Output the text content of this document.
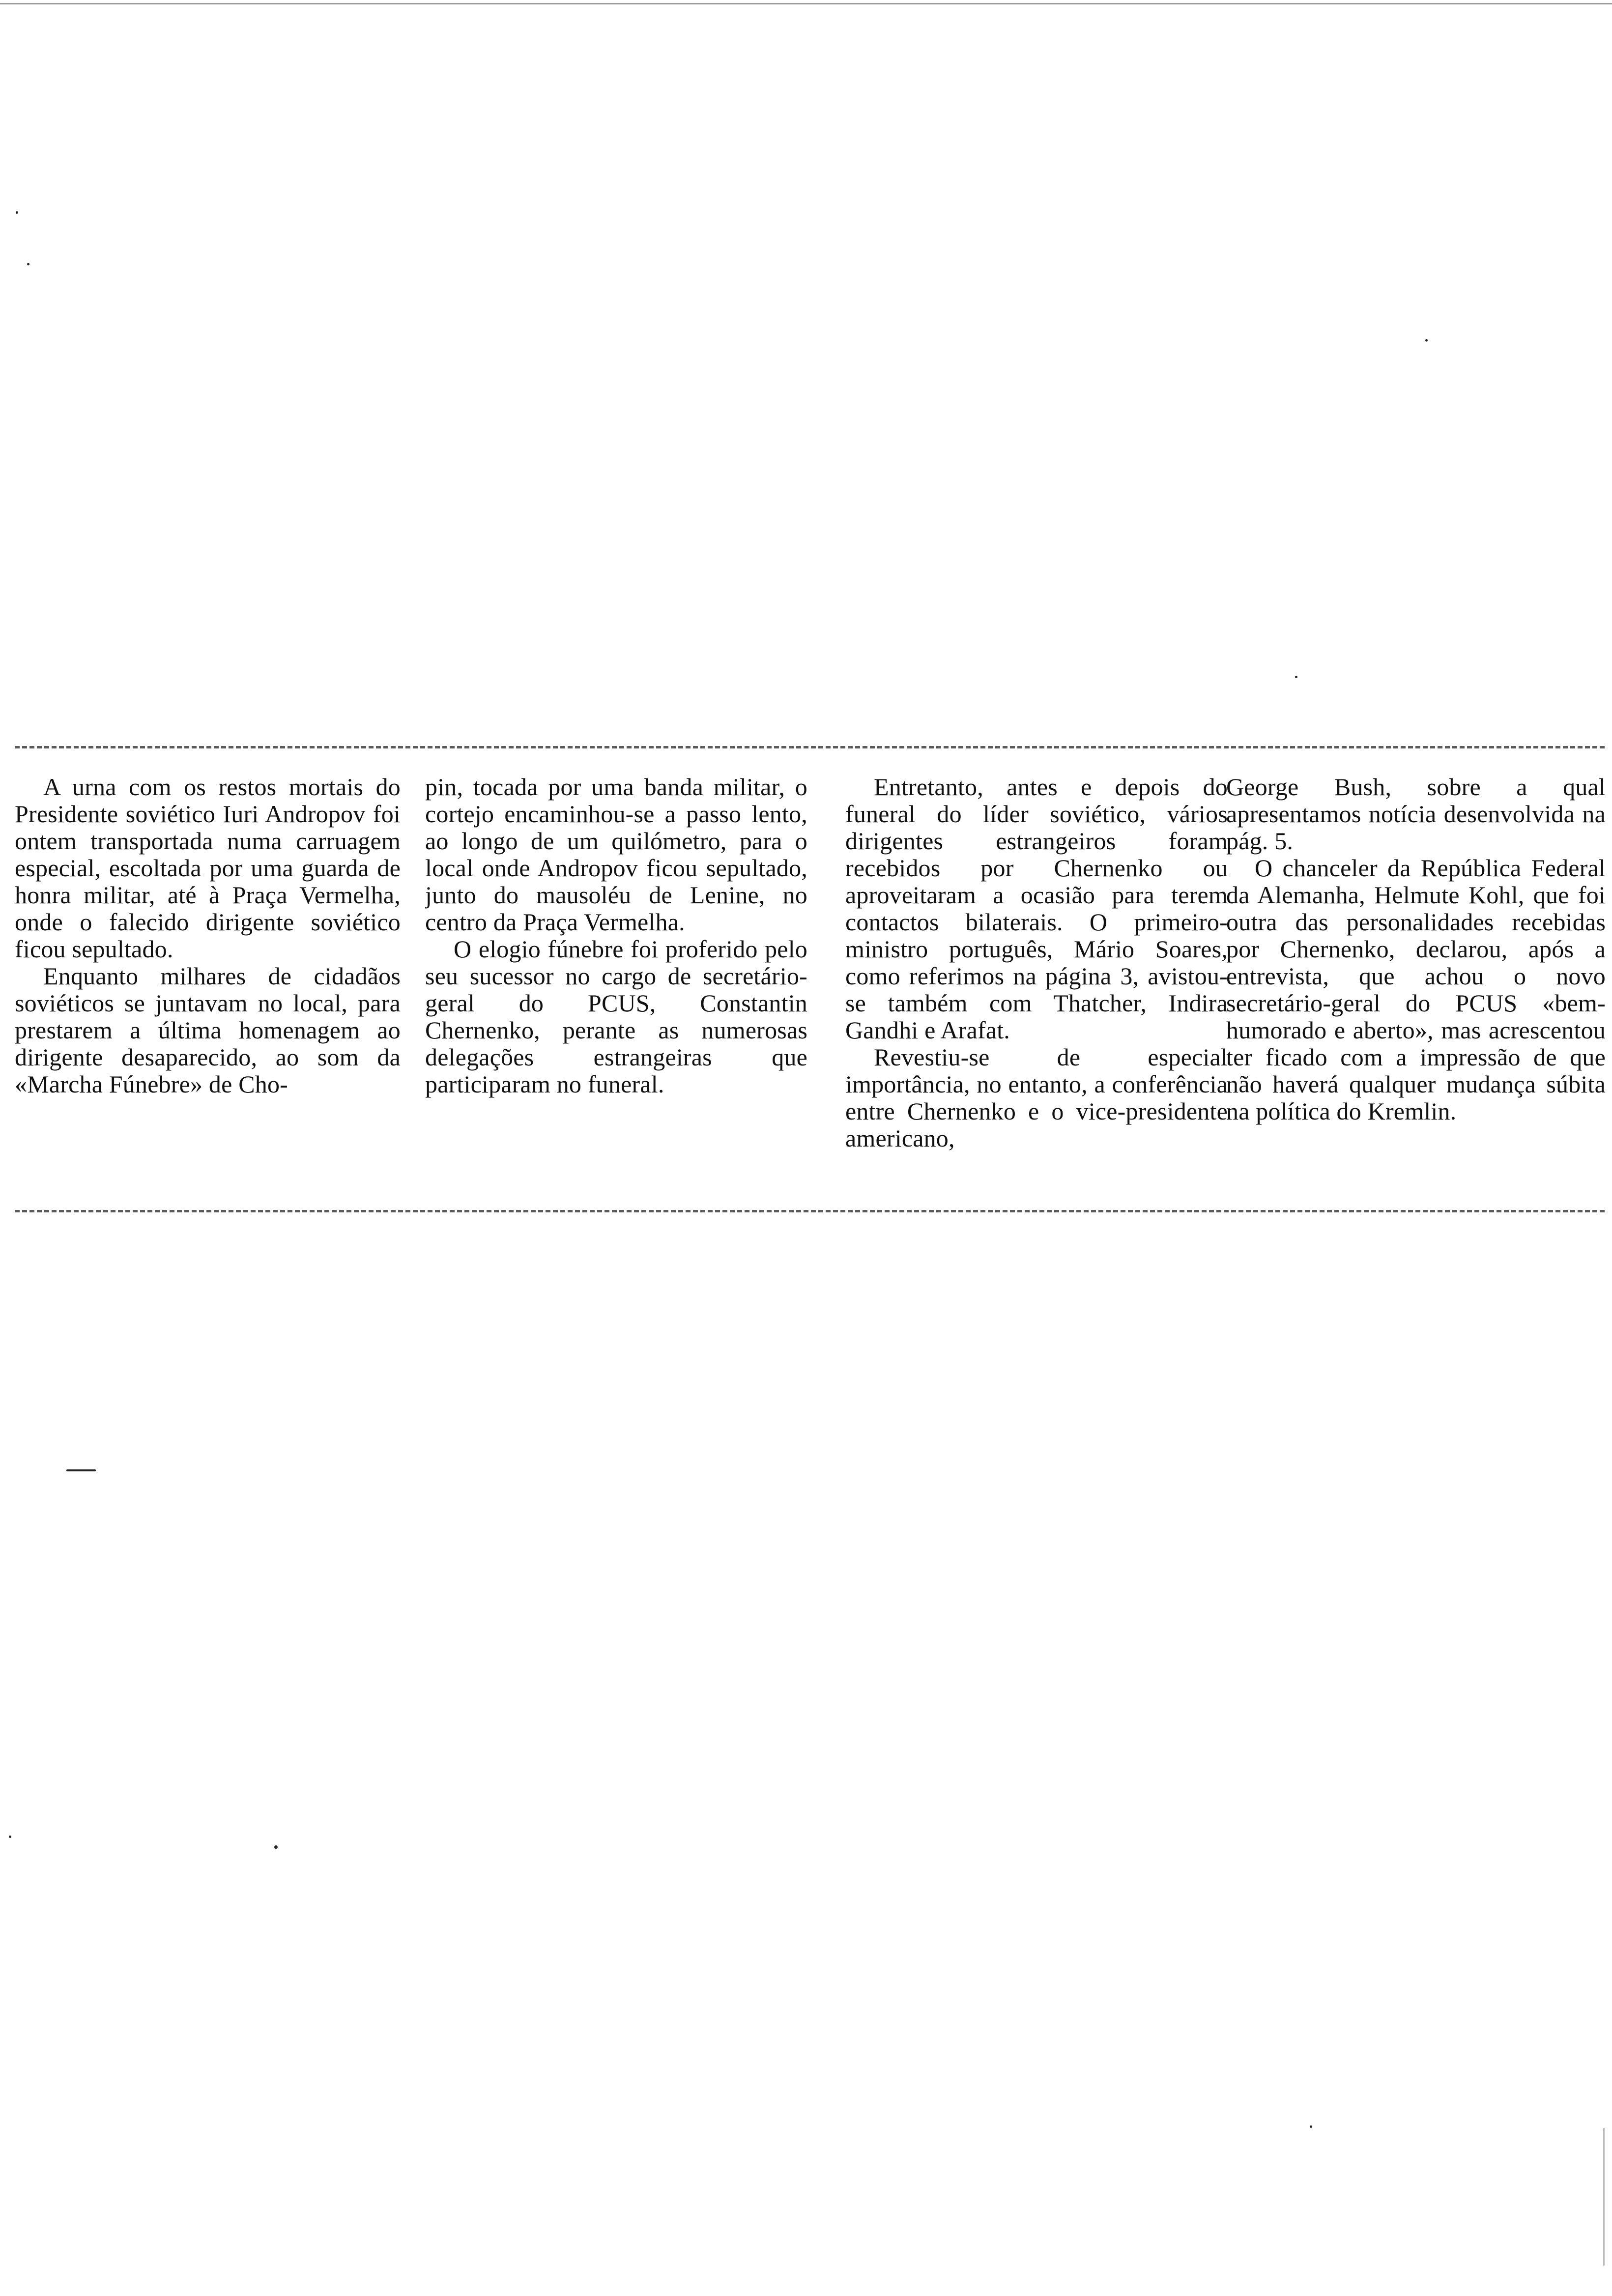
A urna com os restos mortais do Presidente soviético Iuri Andropov foi ontem transportada numa carruagem especial, escoltada por uma guarda de honra militar, até à Praça Vermelha, onde o falecido dirigente soviético ficou sepultado.

Enquanto milhares de cidadãos soviéticos se juntavam no local, para prestarem a última homenagem ao dirigente desaparecido, ao som da «Marcha Fúnebre» de Cho-

pin, tocada por uma banda militar, o cortejo encaminhou-se a passo lento, ao longo de um quilómetro, para o local onde Andropov ficou sepultado, junto do mausoléu de Lenine, no centro da Praça Vermelha.

O elogio fúnebre foi proferido pelo seu sucessor no cargo de secretário-geral do PCUS, Constantin Chernenko, perante as numerosas delegações estrangeiras que participaram no funeral.

Entretanto, antes e depois do funeral do líder soviético, vários dirigentes estrangeiros foram recebidos por Chernenko ou aproveitaram a ocasião para terem contactos bilaterais. O primeiro-ministro português, Mário Soares, como referimos na página 3, avistou-se também com Thatcher, Indira Gandhi e Arafat.

Revestiu-se de especial importância, no entanto, a conferência entre Chernenko e o vice-presidente americano,

George Bush, sobre a qual apresentamos notícia desenvolvida na pág. 5.

O chanceler da República Federal da Alemanha, Helmute Kohl, que foi outra das personalidades recebidas por Chernenko, declarou, após a entrevista, que achou o novo secretário-geral do PCUS «bem-humorado e aberto», mas acrescentou ter ficado com a impressão de que não haverá qualquer mudança súbita na política do Kremlin.
